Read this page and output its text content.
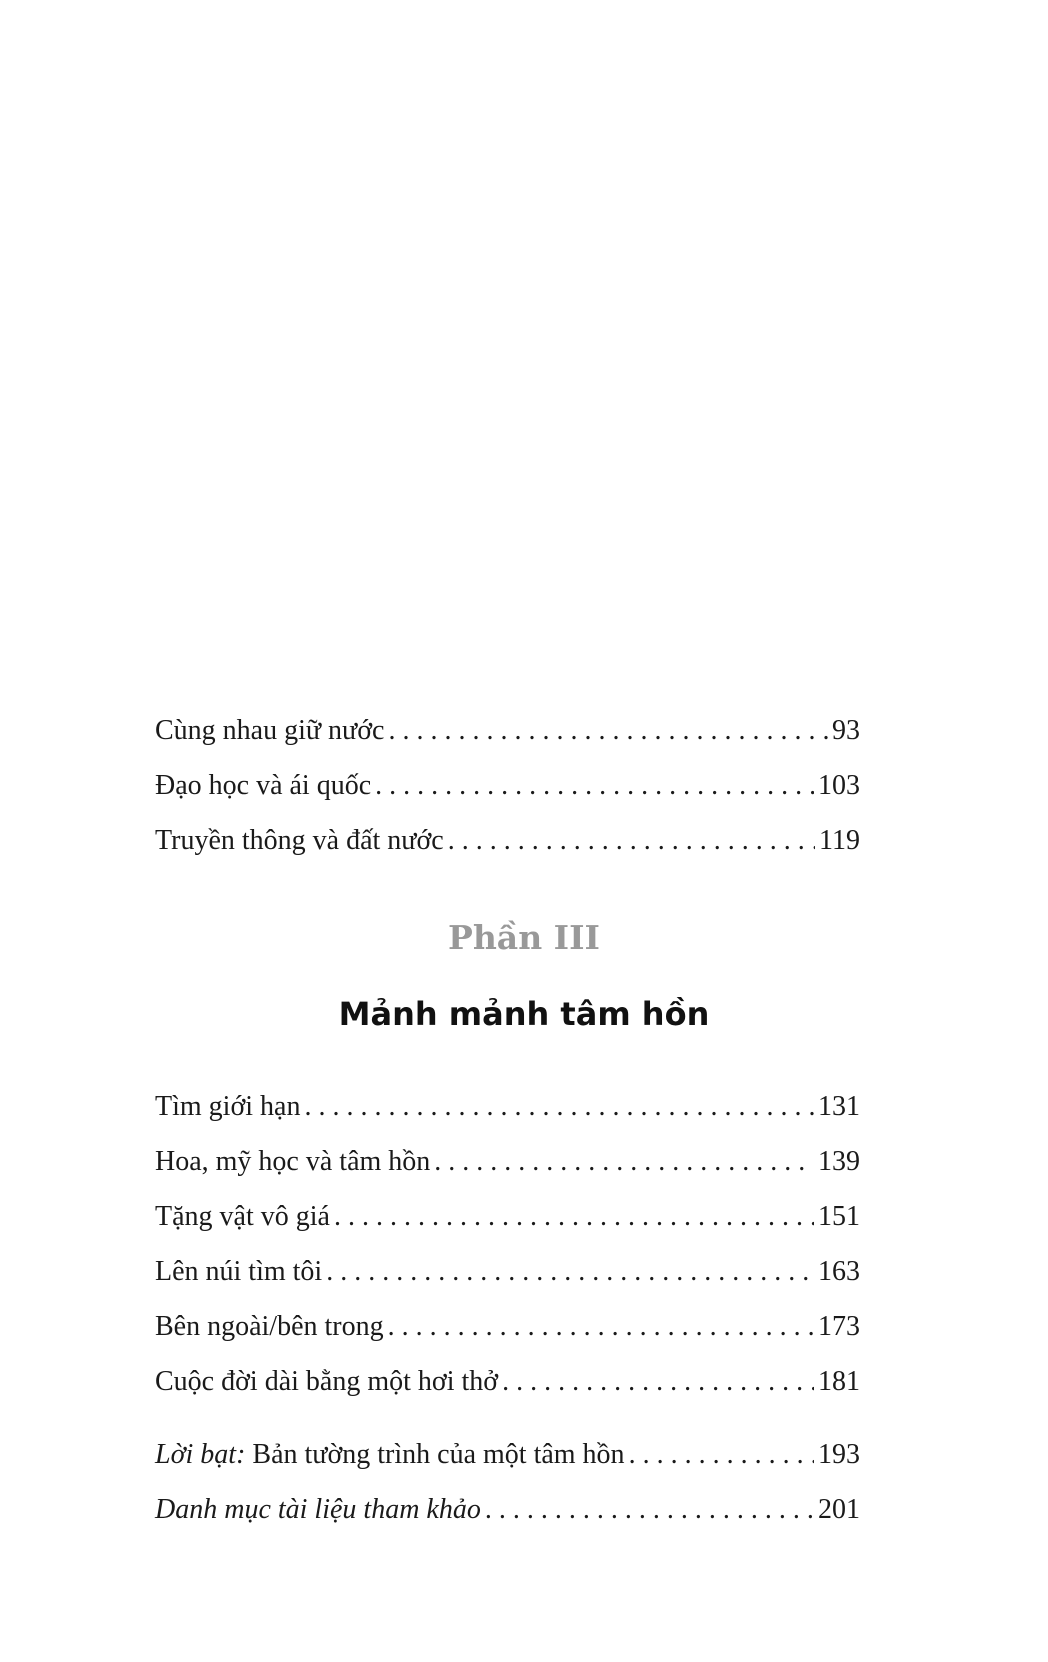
Cùng nhau giữ nước . . .	93
Đạo học và ái quốc . . .	103
Truyền thông và đất nước . . .	119
Phần III
Mảnh mảnh tâm hồn
Tìm giới hạn . . .	131
Hoa, mỹ học và tâm hồn . . .	139
Tặng vật vô giá . . .	151
Lên núi tìm tôi . . .	163
Bên ngoài/bên trong . . .	173
Cuộc đời dài bằng một hơi thở . . .	181
Lời bạt: Bản tường trình của một tâm hồn . . .	193
Danh mục tài liệu tham khảo . . .	201
